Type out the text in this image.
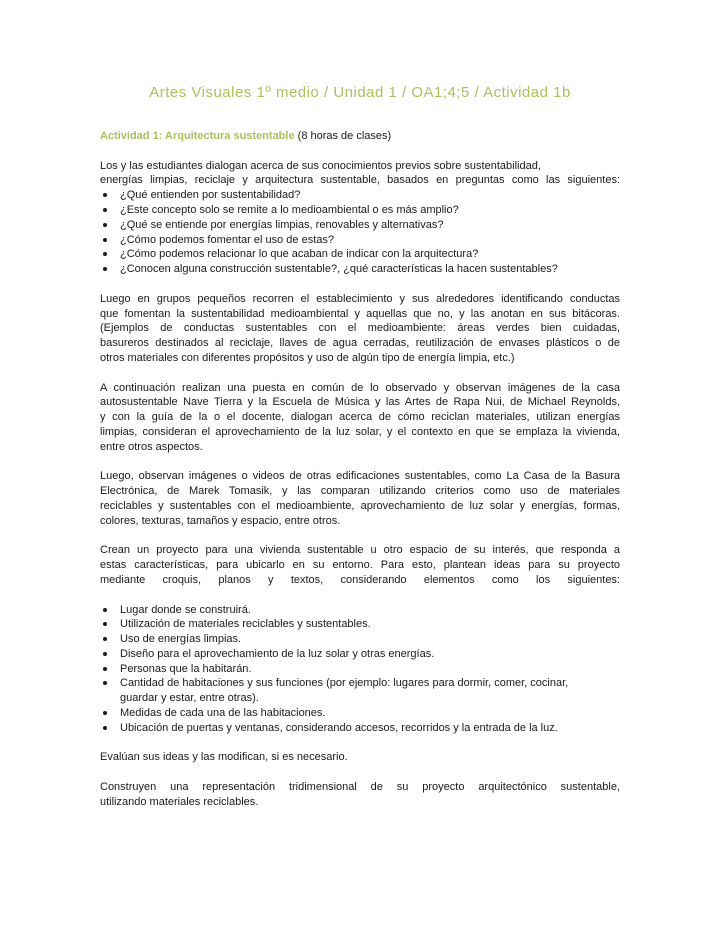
Artes Visuales 1º medio / Unidad 1 / OA1;4;5 / Actividad 1b
Actividad 1: Arquitectura sustentable (8 horas de clases)
Los y las estudiantes dialogan acerca de sus conocimientos previos sobre sustentabilidad,
energías limpias, reciclaje y arquitectura sustentable, basados en preguntas como las siguientes:
¿Qué entienden por sustentabilidad?
¿Este concepto solo se remite a lo medioambiental o es más amplio?
¿Qué se entiende por energías limpias, renovables y alternativas?
¿Cómo podemos fomentar el uso de estas?
¿Cómo podemos relacionar lo que acaban de indicar con la arquitectura?
¿Conocen alguna construcción sustentable?, ¿qué características la hacen sustentables?
Luego en grupos pequeños recorren el establecimiento y sus alrededores identificando conductas
que fomentan la sustentabilidad medioambiental y aquellas que no, y las anotan en sus bitácoras.
(Ejemplos de conductas sustentables con el medioambiente: áreas verdes bien cuidadas,
basureros destinados al reciclaje, llaves de agua cerradas, reutilización de envases plásticos o de
otros materiales con diferentes propósitos y uso de algún tipo de energía limpia, etc.)
A continuación realizan una puesta en común de lo observado y observan imágenes de la casa
autosustentable Nave Tierra y la Escuela de Música y las Artes de Rapa Nui, de Michael Reynolds,
y con la guía de la o el docente, dialogan acerca de cómo reciclan materiales, utilizan energías
limpias, consideran el aprovechamiento de la luz solar, y el contexto en que se emplaza la vivienda,
entre otros aspectos.
Luego, observan imágenes o videos de otras edificaciones sustentables, como La Casa de la Basura
Electrónica, de Marek Tomasik, y las comparan utilizando criterios como uso de materiales
reciclables y sustentables con el medioambiente, aprovechamiento de luz solar y energías, formas,
colores, texturas, tamaños y espacio, entre otros.
Crean un proyecto para una vivienda sustentable u otro espacio de su interés, que responda a
estas características, para ubicarlo en su entorno. Para esto, plantean ideas para su proyecto
mediante croquis, planos y textos, considerando elementos como los siguientes:
Lugar donde se construirá.
Utilización de materiales reciclables y sustentables.
Uso de energías limpias.
Diseño para el aprovechamiento de la luz solar y otras energías.
Personas que la habitarán.
Cantidad de habitaciones y sus funciones (por ejemplo: lugares para dormir, comer, cocinar,
guardar y estar, entre otras).
Medidas de cada una de las habitaciones.
Ubicación de puertas y ventanas, considerando accesos, recorridos y la entrada de la luz.
Evalúan sus ideas y las modifican, si es necesario.
Construyen una representación tridimensional de su proyecto arquitectónico sustentable,
utilizando materiales reciclables.
